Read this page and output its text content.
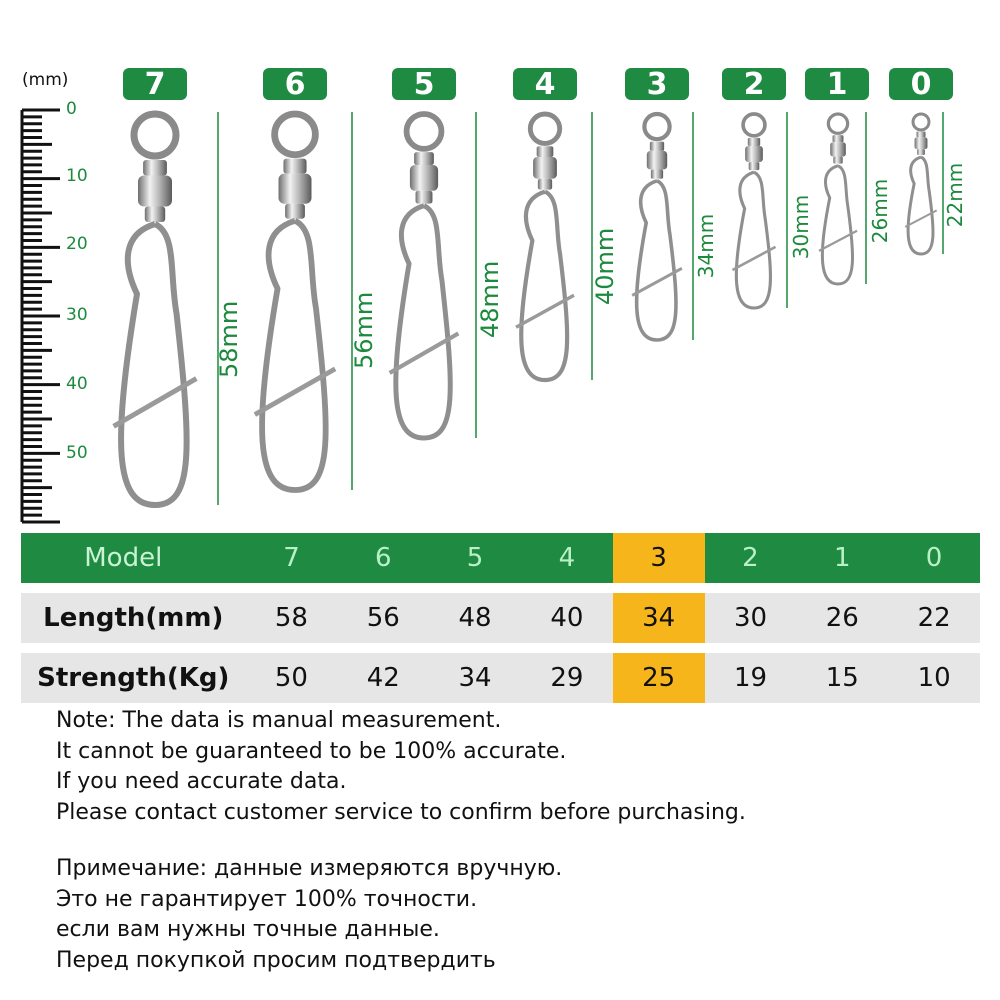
(mm)
0
10
20
30
40
50
7	6	5	4	3	2	1	0
58mm	56mm	48mm	40mm	34mm	30mm	26mm	22mm
Model	7	6	5	4	3	2	1	0
Length(mm)	58	56	48	40	34	30	26	22
Strength(Kg)	50	42	34	29	25	19	15	10
Note: The data is manual measurement.
It cannot be guaranteed to be 100% accurate.
If you need accurate data.
Please contact customer service to confirm before purchasing.
Примечание: данные измеряются вручную.
Это не гарантирует 100% точности.
если вам нужны точные данные.
Перед покупкой просим подтвердить
